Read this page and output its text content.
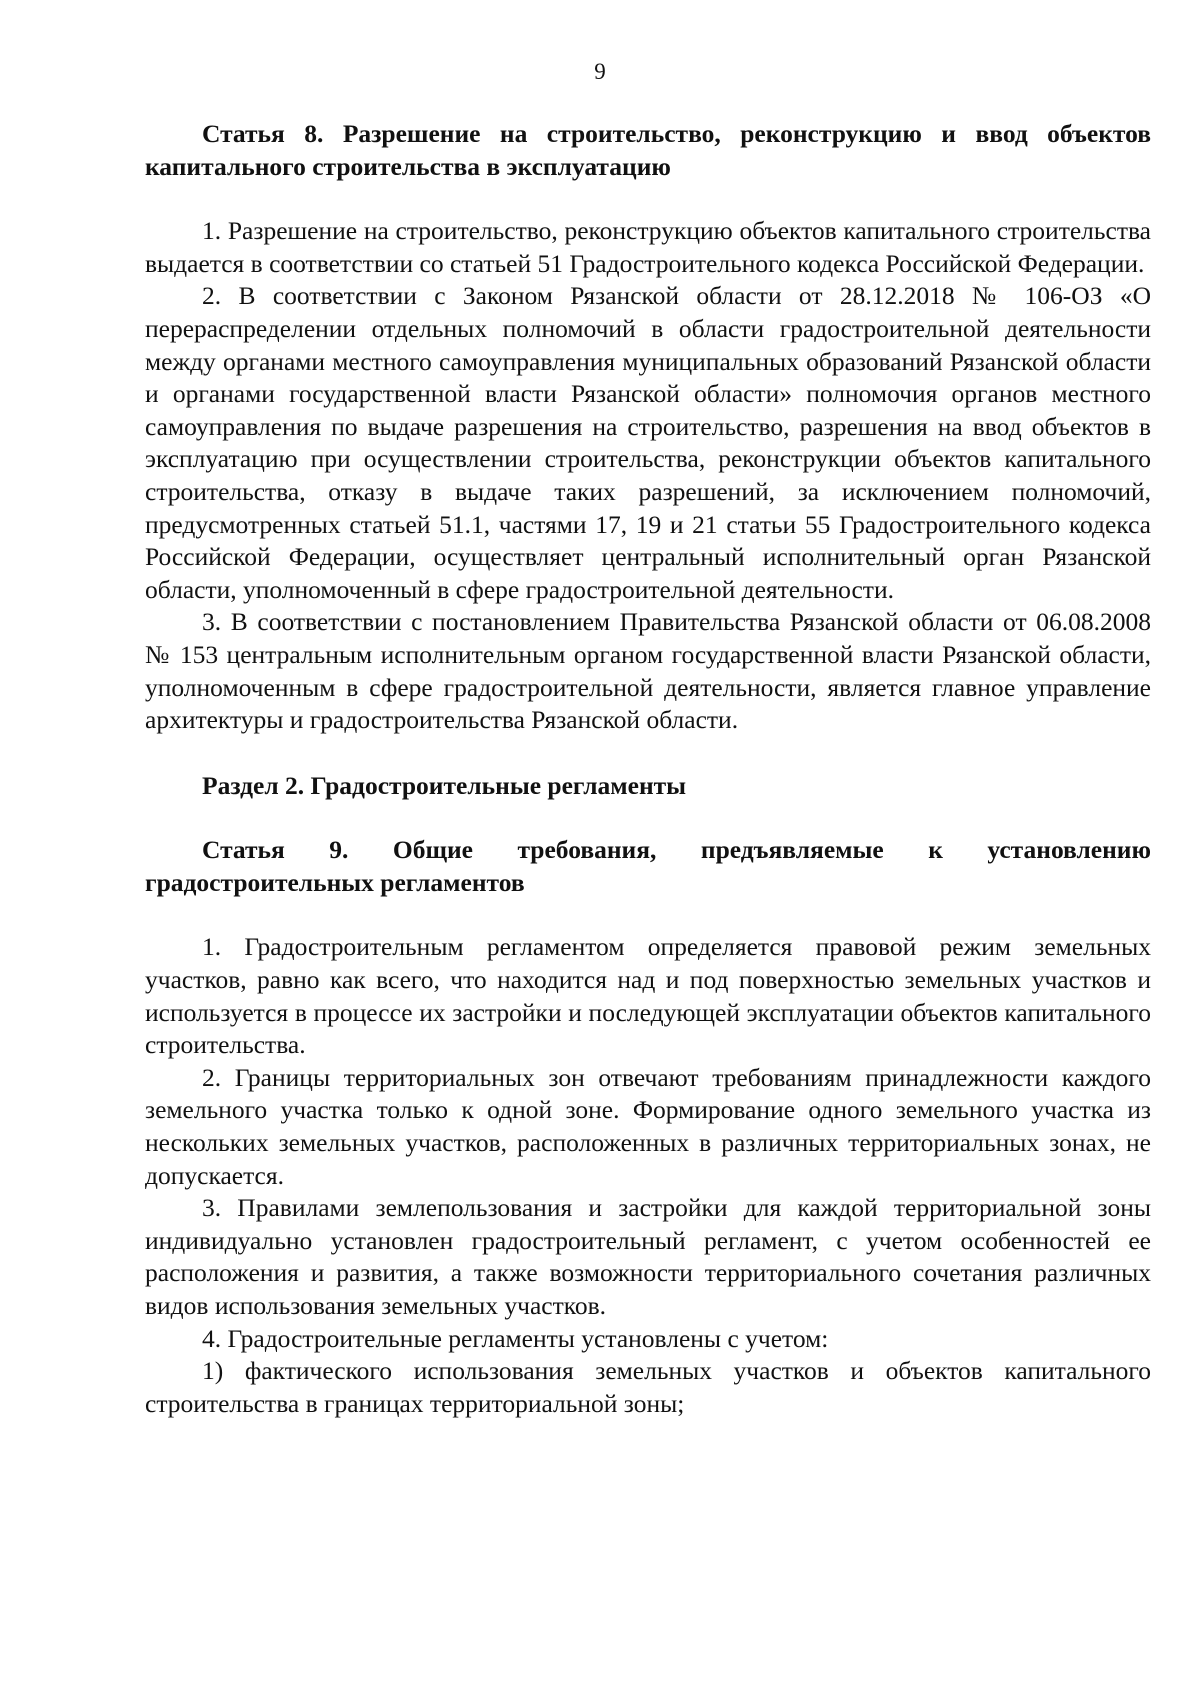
9

Статья 8. Разрешение на строительство, реконструкцию и ввод объектов капитального строительства в эксплуатацию

1. Разрешение на строительство, реконструкцию объектов капитального строительства выдается в соответствии со статьей 51 Градостроительного кодекса Российской Федерации.

2. В соответствии с Законом Рязанской области от 28.12.2018 № 106-ОЗ «О перераспределении отдельных полномочий в области градостроительной деятельности между органами местного самоуправления муниципальных образований Рязанской области и органами государственной власти Рязанской области» полномочия органов местного самоуправления по выдаче разрешения на строительство, разрешения на ввод объектов в эксплуатацию при осуществлении строительства, реконструкции объектов капитального строительства, отказу в выдаче таких разрешений, за исключением полномочий, предусмотренных статьей 51.1, частями 17, 19 и 21 статьи 55 Градостроительного кодекса Российской Федерации, осуществляет центральный исполнительный орган Рязанской области, уполномоченный в сфере градостроительной деятельности.

3. В соответствии с постановлением Правительства Рязанской области от 06.08.2008 № 153 центральным исполнительным органом государственной власти Рязанской области, уполномоченным в сфере градостроительной деятельности, является главное управление архитектуры и градостроительства Рязанской области.

Раздел 2. Градостроительные регламенты

Статья 9. Общие требования, предъявляемые к установлению градостроительных регламентов

1. Градостроительным регламентом определяется правовой режим земельных участков, равно как всего, что находится над и под поверхностью земельных участков и используется в процессе их застройки и последующей эксплуатации объектов капитального строительства.

2. Границы территориальных зон отвечают требованиям принадлежности каждого земельного участка только к одной зоне. Формирование одного земельного участка из нескольких земельных участков, расположенных в различных территориальных зонах, не допускается.

3. Правилами землепользования и застройки для каждой территориальной зоны индивидуально установлен градостроительный регламент, с учетом особенностей ее расположения и развития, а также возможности территориального сочетания различных видов использования земельных участков.

4. Градостроительные регламенты установлены с учетом:

1) фактического использования земельных участков и объектов капитального строительства в границах территориальной зоны;
